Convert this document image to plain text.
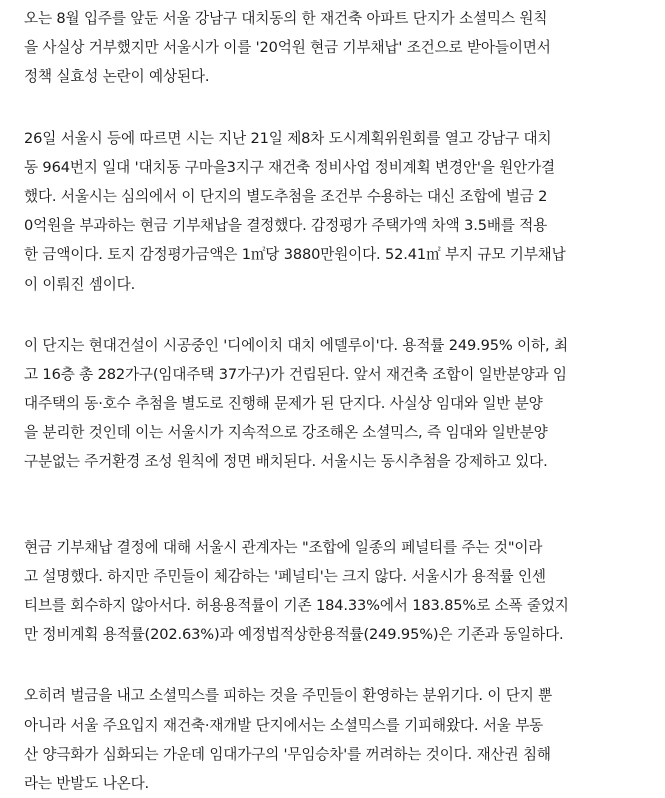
오는 8월 입주를 앞둔 서울 강남구 대치동의 한 재건축 아파트 단지가 소셜믹스 원칙
을 사실상 거부했지만 서울시가 이를 '20억원 현금 기부채납' 조건으로 받아들이면서
정책 실효성 논란이 예상된다.

26일 서울시 등에 따르면 시는 지난 21일 제8차 도시계획위원회를 열고 강남구 대치
동 964번지 일대 '대치동 구마을3지구 재건축 정비사업 정비계획 변경안'을 원안가결
했다. 서울시는 심의에서 이 단지의 별도추첨을 조건부 수용하는 대신 조합에 벌금 2
0억원을 부과하는 현금 기부채납을 결정했다. 감정평가 주택가액 차액 3.5배를 적용
한 금액이다. 토지 감정평가금액은 1㎡당 3880만원이다. 52.41㎡ 부지 규모 기부채납
이 이뤄진 셈이다.

이 단지는 현대건설이 시공중인 '디에이치 대치 에델루이'다. 용적률 249.95% 이하, 최
고 16층 총 282가구(임대주택 37가구)가 건립된다. 앞서 재건축 조합이 일반분양과 임
대주택의 동·호수 추첨을 별도로 진행해 문제가 된 단지다. 사실상 임대와 일반 분양
을 분리한 것인데 이는 서울시가 지속적으로 강조해온 소셜믹스, 즉 임대와 일반분양
구분없는 주거환경 조성 원칙에 정면 배치된다. 서울시는 동시추첨을 강제하고 있다.

현금 기부채납 결정에 대해 서울시 관계자는 "조합에 일종의 페널티를 주는 것"이라
고 설명했다. 하지만 주민들이 체감하는 '페널티'는 크지 않다. 서울시가 용적률 인센
티브를 회수하지 않아서다. 허용용적률이 기존 184.33%에서 183.85%로 소폭 줄었지
만 정비계획 용적률(202.63%)과 예정법적상한용적률(249.95%)은 기존과 동일하다.

오히려 벌금을 내고 소셜믹스를 피하는 것을 주민들이 환영하는 분위기다. 이 단지 뿐
아니라 서울 주요입지 재건축·재개발 단지에서는 소셜믹스를 기피해왔다. 서울 부동
산 양극화가 심화되는 가운데 임대가구의 '무임승차'를 꺼려하는 것이다. 재산권 침해
라는 반발도 나온다.
